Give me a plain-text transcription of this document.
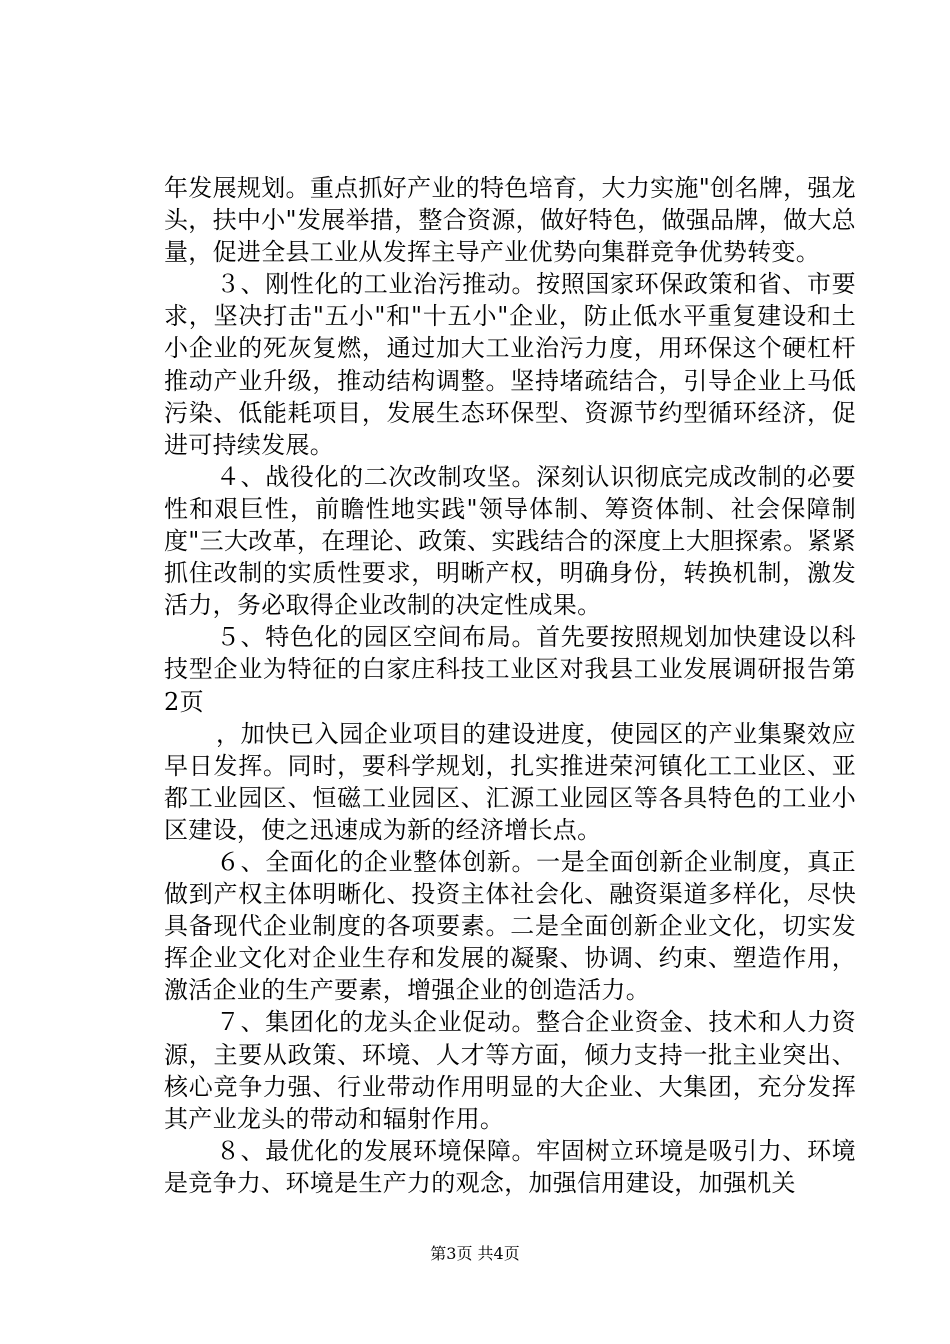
年发展规划。重点抓好产业的特色培育，大力实施"创名牌，强龙头，扶中小"发展举措，整合资源，做好特色，做强品牌，做大总量，促进全县工业从发挥主导产业优势向集群竞争优势转变。

３、刚性化的工业治污推动。按照国家环保政策和省、市要求，坚决打击"五小"和"十五小"企业，防止低水平重复建设和土小企业的死灰复燃，通过加大工业治污力度，用环保这个硬杠杆推动产业升级，推动结构调整。坚持堵疏结合，引导企业上马低污染、低能耗项目，发展生态环保型、资源节约型循环经济，促进可持续发展。

４、战役化的二次改制攻坚。深刻认识彻底完成改制的必要性和艰巨性，前瞻性地实践"领导体制、筹资体制、社会保障制度"三大改革，在理论、政策、实践结合的深度上大胆探索。紧紧抓住改制的实质性要求，明晰产权，明确身份，转换机制，激发活力，务必取得企业改制的决定性成果。

５、特色化的园区空间布局。首先要按照规划加快建设以科技型企业为特征的白家庄科技工业区对我县工业发展调研报告第2页

，加快已入园企业项目的建设进度，使园区的产业集聚效应早日发挥。同时，要科学规划，扎实推进荣河镇化工工业区、亚都工业园区、恒磁工业园区、汇源工业园区等各具特色的工业小区建设，使之迅速成为新的经济增长点。

６、全面化的企业整体创新。一是全面创新企业制度，真正做到产权主体明晰化、投资主体社会化、融资渠道多样化，尽快具备现代企业制度的各项要素。二是全面创新企业文化，切实发挥企业文化对企业生存和发展的凝聚、协调、约束、塑造作用，激活企业的生产要素，增强企业的创造活力。

７、集团化的龙头企业促动。整合企业资金、技术和人力资源，主要从政策、环境、人才等方面，倾力支持一批主业突出、核心竞争力强、行业带动作用明显的大企业、大集团，充分发挥其产业龙头的带动和辐射作用。

８、最优化的发展环境保障。牢固树立环境是吸引力、环境是竞争力、环境是生产力的观念，加强信用建设，加强机关

第3页 共4页
